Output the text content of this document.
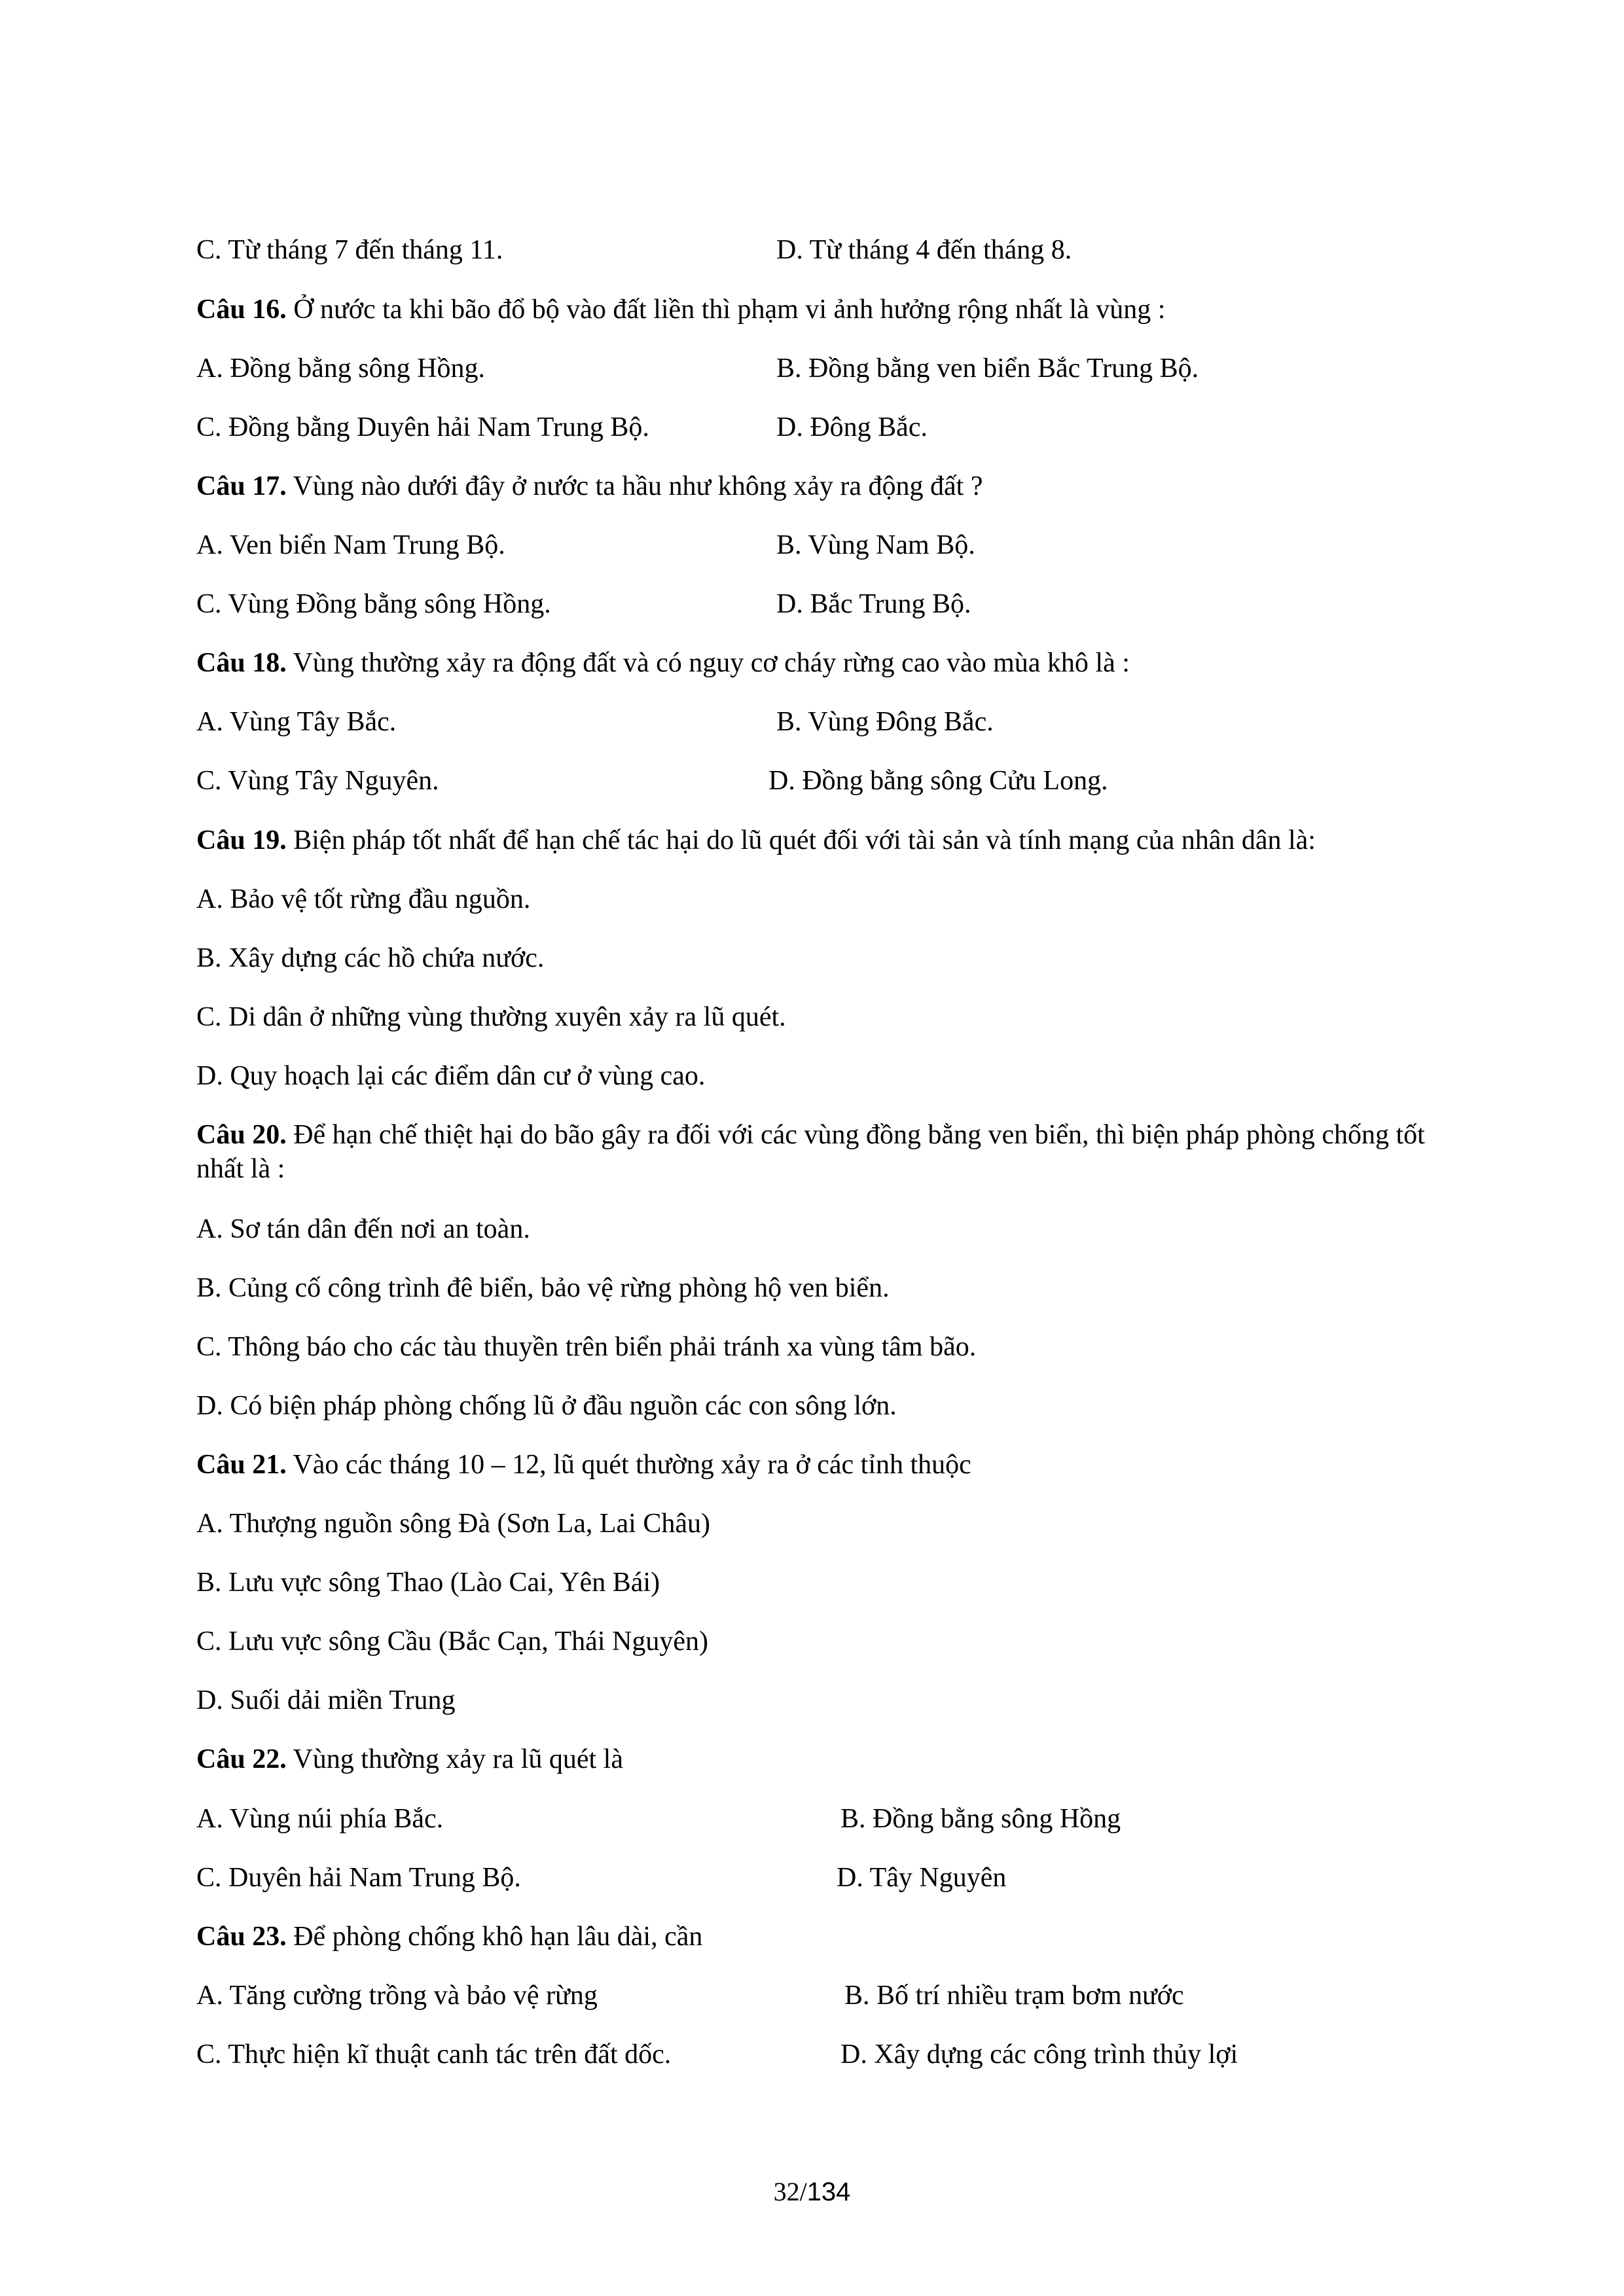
C. Từ tháng 7 đến tháng 11.	D. Từ tháng 4 đến tháng 8.
Câu 16. Ở nước ta khi bão đổ bộ vào đất liền thì phạm vi ảnh hưởng rộng nhất là vùng :
A. Đồng bằng sông Hồng.	B. Đồng bằng ven biển Bắc Trung Bộ.
C. Đồng bằng Duyên hải Nam Trung Bộ.	D. Đông Bắc.
Câu 17. Vùng nào dưới đây ở nước ta hầu như không xảy ra động đất ?
A. Ven biển Nam Trung Bộ.	B. Vùng Nam Bộ.
C. Vùng Đồng bằng sông Hồng.	D. Bắc Trung Bộ.
Câu 18. Vùng thường xảy ra động đất và có nguy cơ cháy rừng cao vào mùa khô là :
A. Vùng Tây Bắc.	B. Vùng Đông Bắc.
C. Vùng Tây Nguyên.	D. Đồng bằng sông Cửu Long.
Câu 19. Biện pháp tốt nhất để hạn chế tác hại do lũ quét đối với tài sản và tính mạng của nhân dân là:
A. Bảo vệ tốt rừng đầu nguồn.
B. Xây dựng các hồ chứa nước.
C. Di dân ở những vùng thường xuyên xảy ra lũ quét.
D. Quy hoạch lại các điểm dân cư ở vùng cao.
Câu 20. Để hạn chế thiệt hại do bão gây ra đối với các vùng đồng bằng ven biển, thì biện pháp phòng chống tốt nhất là :
A. Sơ tán dân đến nơi an toàn.
B. Củng cố công trình đê biển, bảo vệ rừng phòng hộ ven biển.
C. Thông báo cho các tàu thuyền trên biển phải tránh xa vùng tâm bão.
D. Có biện pháp phòng chống lũ ở đầu nguồn các con sông lớn.
Câu 21. Vào các tháng 10 – 12, lũ quét thường xảy ra ở các tỉnh thuộc
A. Thượng nguồn sông Đà (Sơn La, Lai Châu)
B. Lưu vực sông Thao (Lào Cai, Yên Bái)
C. Lưu vực sông Cầu (Bắc Cạn, Thái Nguyên)
D. Suối dải miền Trung
Câu 22. Vùng thường xảy ra lũ quét là
A. Vùng núi phía Bắc.	B. Đồng bằng sông Hồng
C. Duyên hải Nam Trung Bộ.	D. Tây Nguyên
Câu 23. Để phòng chống khô hạn lâu dài, cần
A. Tăng cường trồng và bảo vệ rừng	B. Bố trí nhiều trạm bơm nước
C. Thực hiện kĩ thuật canh tác trên đất dốc.	D. Xây dựng các công trình thủy lợi
32/134
